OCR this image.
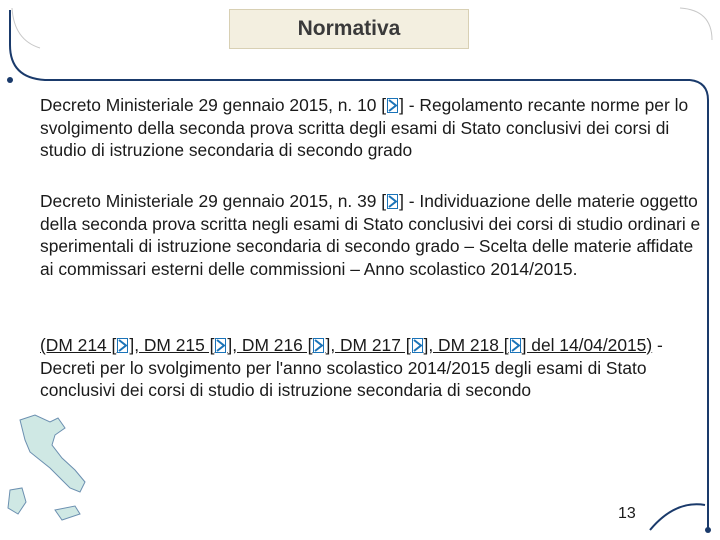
Normativa

Decreto Ministeriale 29 gennaio 2015, n. 10 [ ] - Regolamento recante norme per lo svolgimento della seconda prova scritta degli esami di Stato conclusivi dei corsi di studio di istruzione secondaria di secondo grado

Decreto Ministeriale 29 gennaio 2015, n. 39 [ ] - Individuazione delle materie oggetto della seconda prova scritta negli esami di Stato conclusivi dei corsi di studio ordinari e sperimentali di istruzione secondaria di secondo grado – Scelta delle materie affidate ai commissari esterni delle commissioni – Anno scolastico 2014/2015.

(DM 214 [ ], DM 215 [ ], DM 216 [ ], DM 217 [ ], DM 218 [ ] del 14/04/2015) - Decreti per lo svolgimento per l'anno scolastico 2014/2015 degli esami di Stato conclusivi dei corsi di studio di istruzione secondaria di secondo

13
